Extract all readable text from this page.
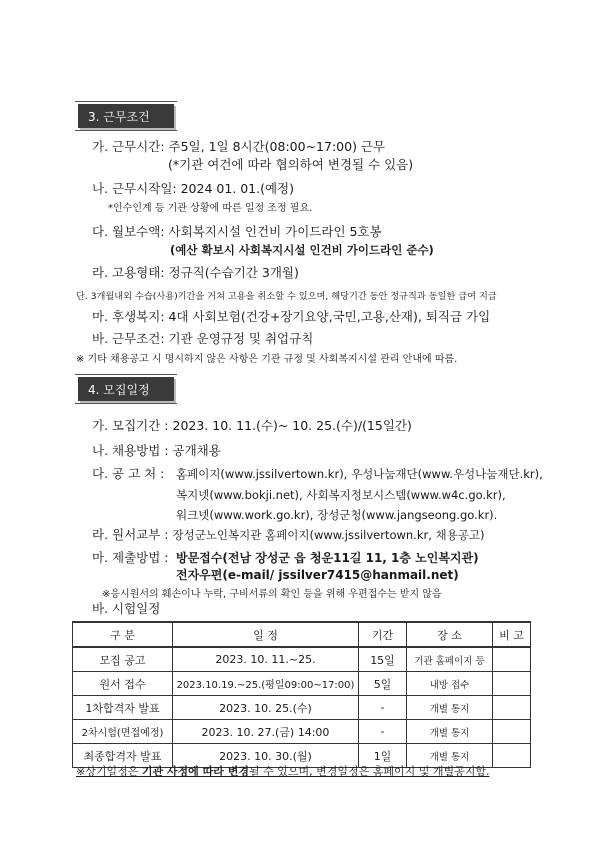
3. 근무조건
가. 근무시간: 주5일, 1일 8시간(08:00~17:00) 근무
(*기관 여건에 따라 협의하여 변경될 수 있음)
나. 근무시작일: 2024 01. 01.(예정)
*인수인계 등 기관 상황에 따른 일정 조정 필요.
다. 월보수액: 사회복지시설 인건비 가이드라인 5호봉
(예산 확보시 사회복지시설 인건비 가이드라인 준수)
라. 고용형태: 정규직(수습기간 3개월)
단. 3개월내외 수습(사용)기간을 거쳐 고용을 취소할 수 있으며, 해당기간 동안 정규직과 동일한 급여 지급
마. 후생복지: 4대 사회보험(건강+장기요양,국민,고용,산재), 퇴직금 가입
바. 근무조건: 기관 운영규정 및 취업규칙
※ 기타 채용공고 시 명시하지 않은 사항은 기관 규정 및 사회복지시설 관리 안내에 따름.
4. 모집일정
가. 모집기간 : 2023. 10. 11.(수)~ 10. 25.(수)/(15일간)
나. 채용방법 : 공개채용
다. 공 고 처 : 홈페이지(www.jssilvertown.kr), 우성나눔재단(www.우성나눔재단.kr),
복지넷(www.bokji.net), 사회복지정보시스템(www.w4c.go.kr),
워크넷(www.work.go.kr), 장성군청(www.jangseong.go.kr).
라. 원서교부 : 장성군노인복지관 홈페이지(www.jssilvertown.kr, 채용공고)
마. 제출방법 : 방문접수(전남 장성군 읍 청운11길 11, 1층 노인복지관)
전자우편(e-mail/ jssilver7415@hanmail.net)
※응시원서의 훼손이나 누락, 구비서류의 확인 등을 위해 우편접수는 받지 않음
바. 시험일정
구 분	일 정	기간	장 소	비 고
모집 공고	2023. 10. 11.~25.	15일	기관 홈페이지 등	
원서 접수	2023.10.19.~25.(평일09:00~17:00)	5일	내방 접수	
1차합격자 발표	2023. 10. 25.(수)	-	개별 통지	
2차시험(면접예정)	2023. 10. 27.(금) 14:00	-	개별 통지	
최종합격자 발표	2023. 10. 30.(월)	1일	개별 통지	
※상기일정은 기관 사정에 따라 변경될 수 있으며, 변경일정은 홈페이지 및 개별공지함.
